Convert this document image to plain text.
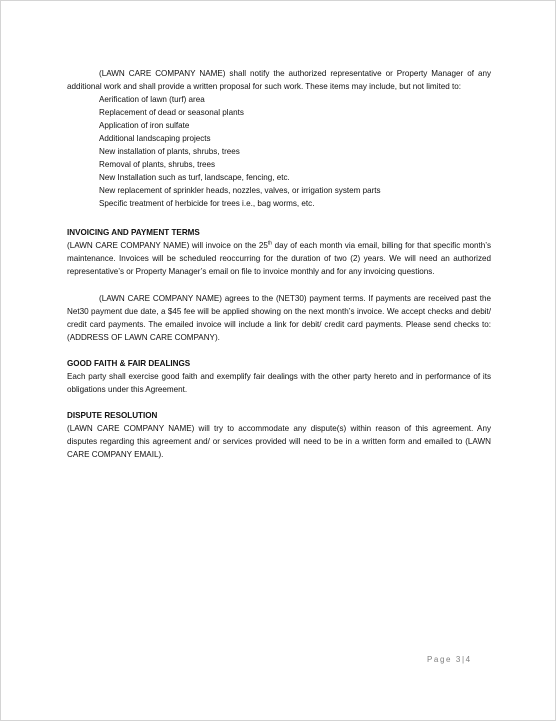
(LAWN CARE COMPANY NAME) shall notify the authorized representative or Property Manager of any additional work and shall provide a written proposal for such work. These items may include, but not limited to:

Aerification of lawn (turf) area
Replacement of dead or seasonal plants
Application of iron sulfate
Additional landscaping projects
New installation of plants, shrubs, trees
Removal of plants, shrubs, trees
New Installation such as turf, landscape, fencing, etc.
New replacement of sprinkler heads, nozzles, valves, or irrigation system parts
Specific treatment of herbicide for trees i.e., bag worms, etc.
INVOICING AND PAYMENT TERMS

(LAWN CARE COMPANY NAME) will invoice on the 25th day of each month via email, billing for that specific month’s maintenance. Invoices will be scheduled reoccurring for the duration of two (2) years. We will need an authorized representative’s or Property Manager’s email on file to invoice monthly and for any invoicing questions.

(LAWN CARE COMPANY NAME) agrees to the (NET30) payment terms. If payments are received past the Net30 payment due date, a $45 fee will be applied showing on the next month’s invoice. We accept checks and debit/ credit card payments. The emailed invoice will include a link for debit/ credit card payments. Please send checks to: (ADDRESS OF LAWN CARE COMPANY).

GOOD FAITH & FAIR DEALINGS

Each party shall exercise good faith and exemplify fair dealings with the other party hereto and in performance of its obligations under this Agreement.

DISPUTE RESOLUTION

(LAWN CARE COMPANY NAME) will try to accommodate any dispute(s) within reason of this agreement. Any disputes regarding this agreement and/ or services provided will need to be in a written form and emailed to (LAWN CARE COMPANY EMAIL).

Page 3|4
